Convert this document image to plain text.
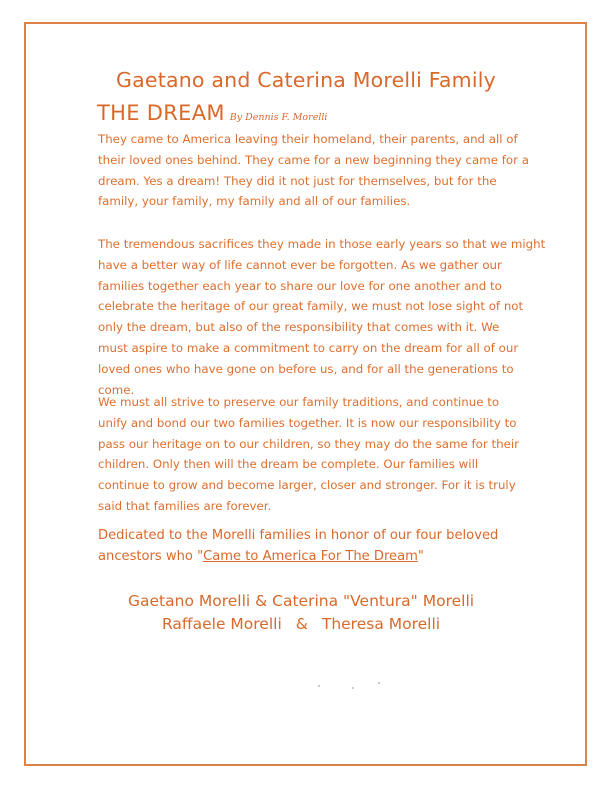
Gaetano and Caterina Morelli Family
THE DREAM By Dennis F. Morelli
They came to America leaving their homeland, their parents, and all of
their loved ones behind. They came for a new beginning they came for a
dream. Yes a dream! They did it not just for themselves, but for the
family, your family, my family and all of our families.
The tremendous sacrifices they made in those early years so that we might
have a better way of life cannot ever be forgotten. As we gather our
families together each year to share our love for one another and to
celebrate the heritage of our great family, we must not lose sight of not
only the dream, but also of the responsibility that comes with it. We
must aspire to make a commitment to carry on the dream for all of our
loved ones who have gone on before us, and for all the generations to
come.
We must all strive to preserve our family traditions, and continue to
unify and bond our two families together. It is now our responsibility to
pass our heritage on to our children, so they may do the same for their
children. Only then will the dream be complete. Our families will
continue to grow and become larger, closer and stronger. For it is truly
said that families are forever.
Dedicated to the Morelli families in honor of our four beloved
ancestors who "Came to America For The Dream"
Gaetano Morelli & Caterina "Ventura" Morelli
Raffaele Morelli & Theresa Morelli
